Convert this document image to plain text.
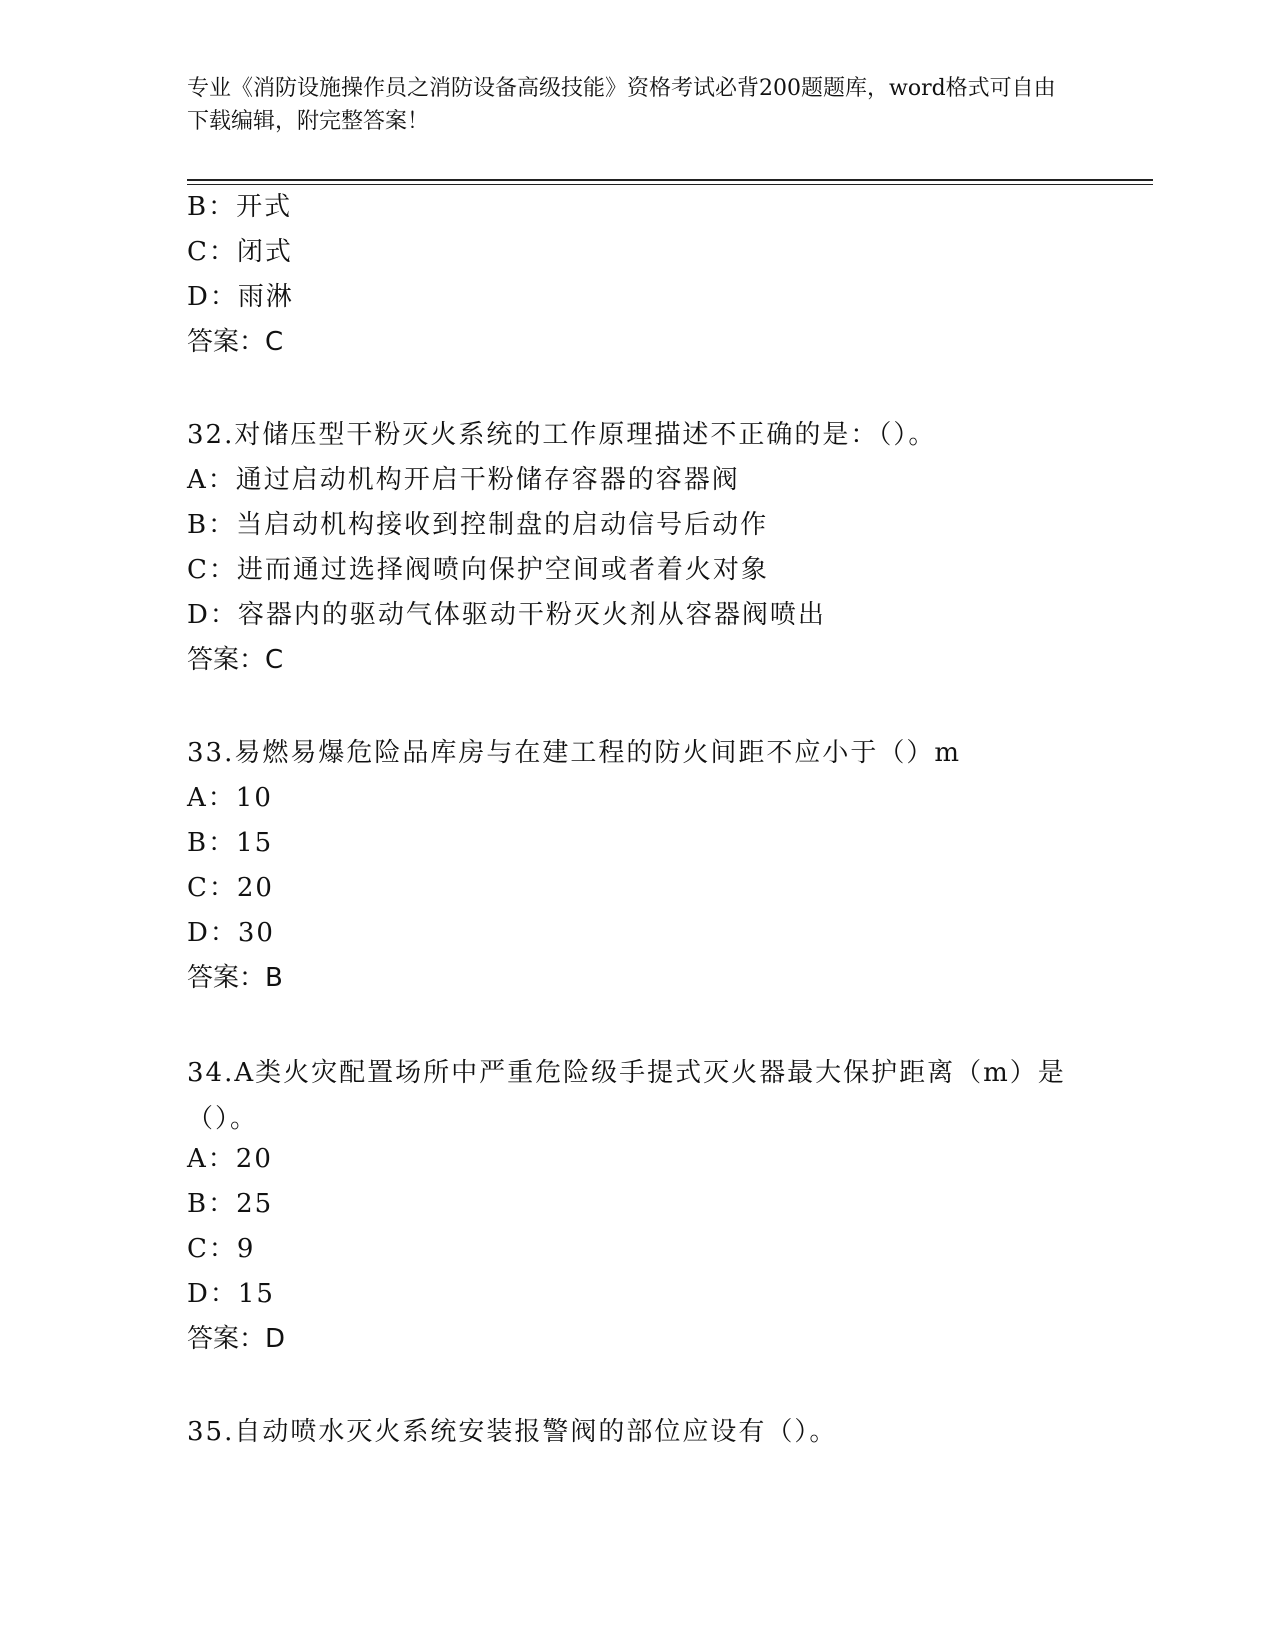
专业《消防设施操作员之消防设备高级技能》资格考试必背200题题库，word格式可自由下载编辑，附完整答案！
B：开式
C：闭式
D：雨淋
答案：C
32.对储压型干粉灭火系统的工作原理描述不正确的是：（）。
A：通过启动机构开启干粉储存容器的容器阀
B：当启动机构接收到控制盘的启动信号后动作
C：进而通过选择阀喷向保护空间或者着火对象
D：容器内的驱动气体驱动干粉灭火剂从容器阀喷出
答案：C
33.易燃易爆危险品库房与在建工程的防火间距不应小于（）m
A：10
B：15
C：20
D：30
答案：B
34.A类火灾配置场所中严重危险级手提式灭火器最大保护距离（m）是（）。
A：20
B：25
C：9
D：15
答案：D
35.自动喷水灭火系统安装报警阀的部位应设有（）。
